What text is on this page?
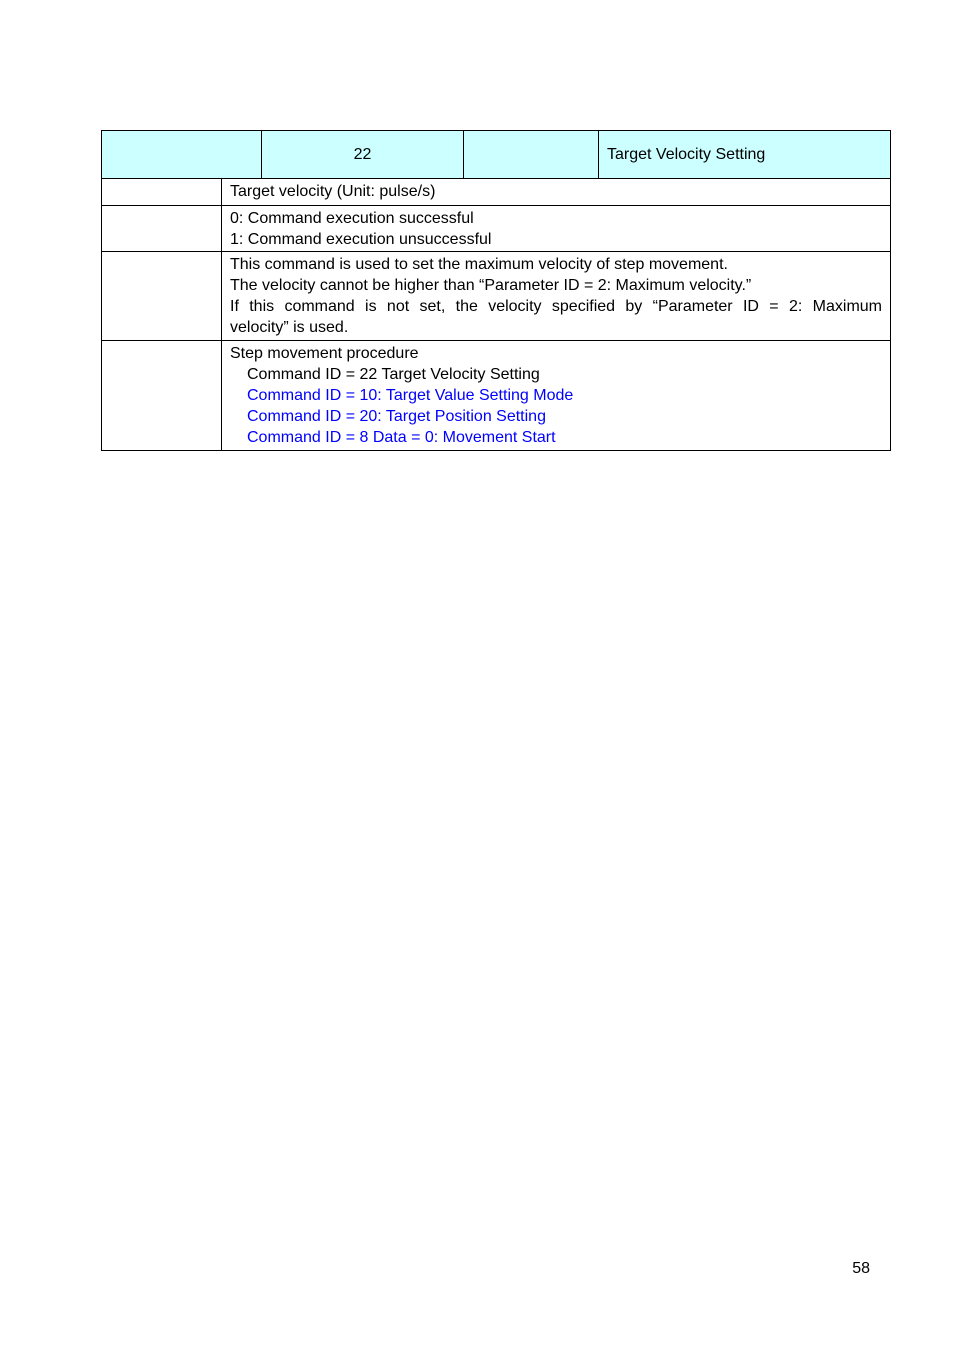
22	Target Velocity Setting
Target velocity (Unit: pulse/s)
0: Command execution successful
1: Command execution unsuccessful
This command is used to set the maximum velocity of step movement.
The velocity cannot be higher than “Parameter ID = 2: Maximum velocity.”
If this command is not set, the velocity specified by “Parameter ID = 2: Maximum
velocity” is used.
Step movement procedure
Command ID = 22 Target Velocity Setting
Command ID = 10: Target Value Setting Mode
Command ID = 20: Target Position Setting
Command ID = 8 Data = 0: Movement Start
58
